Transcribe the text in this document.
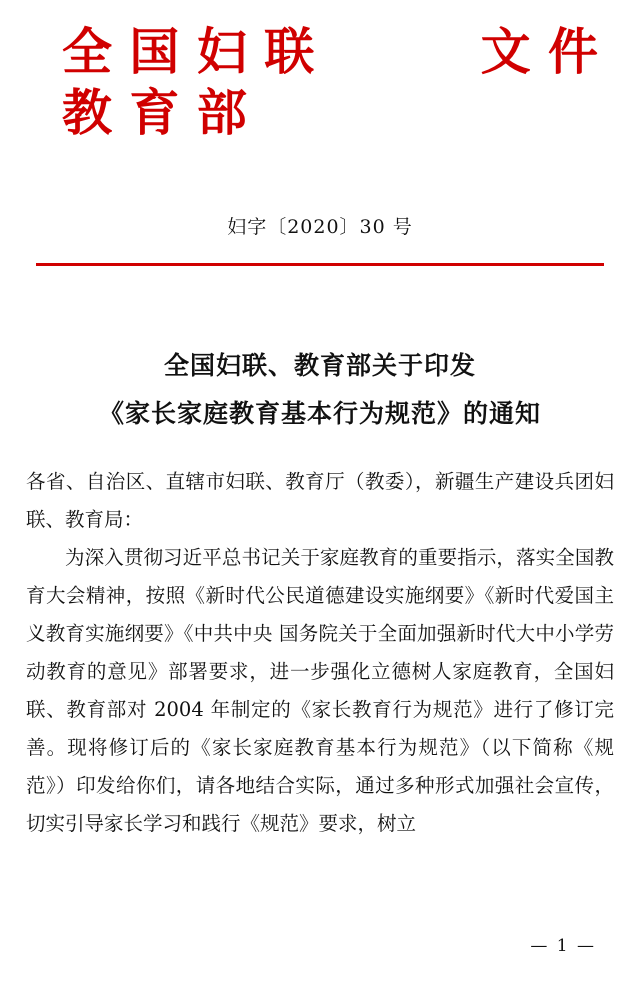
全 国 妇 联	文 件
教 育 部

妇字〔2020〕30 号
全国妇联、教育部关于印发
《家长家庭教育基本行为规范》的通知

各省、自治区、直辖市妇联、教育厅（教委），新疆生产建设兵团妇联、教育局：

为深入贯彻习近平总书记关于家庭教育的重要指示，落实全国教育大会精神，按照《新时代公民道德建设实施纲要》《新时代爱国主义教育实施纲要》《中共中央 国务院关于全面加强新时代大中小学劳动教育的意见》部署要求，进一步强化立德树人家庭教育，全国妇联、教育部对 2004 年制定的《家长教育行为规范》进行了修订完善。现将修订后的《家长家庭教育基本行为规范》（以下简称《规范》）印发给你们，请各地结合实际，通过多种形式加强社会宣传，切实引导家长学习和践行《规范》要求，树立

— 1 —
